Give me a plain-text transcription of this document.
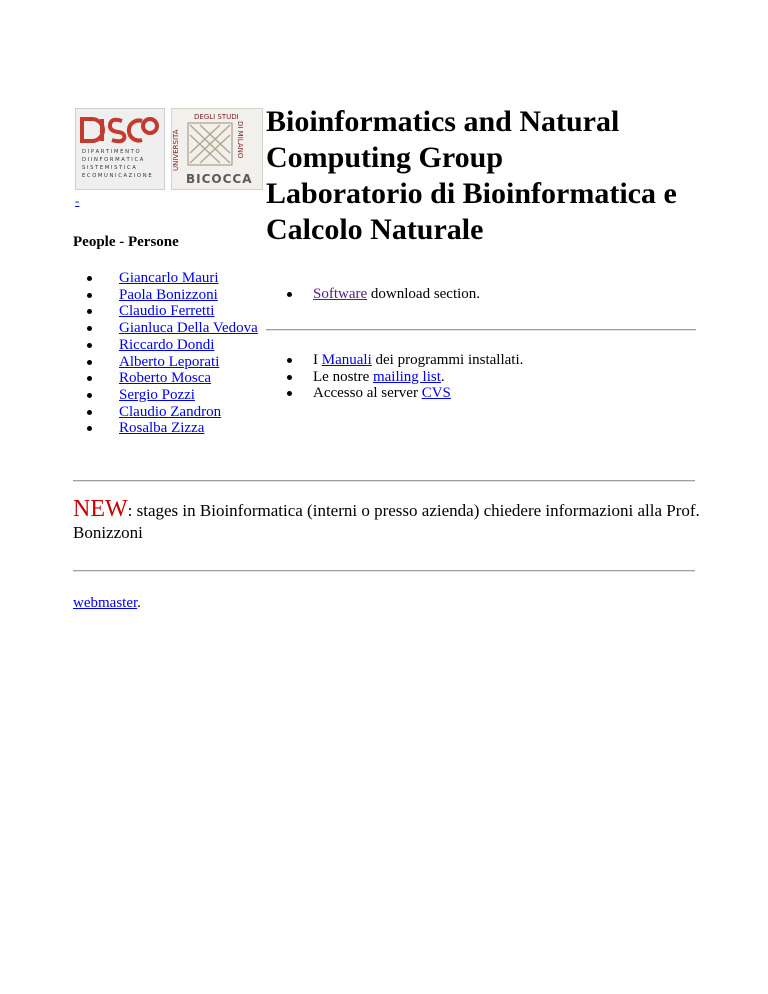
D I P A R T I M E N T O
D I I N F O R M A T I C A
S I S T E M I S T I C A
E C O M U N I C A Z I O N E
UNIVERSITÀ
DEGLI STUDI
DI MILANO
BICOCCA
-
Bioinformatics and Natural
Computing Group
Laboratorio di Bioinformatica e
Calcolo Naturale
People - Persone
Giancarlo Mauri
Paola Bonizzoni
Claudio Ferretti
Gianluca Della Vedova
Riccardo Dondi
Alberto Leporati
Roberto Mosca
Sergio Pozzi
Claudio Zandron
Rosalba Zizza
Software download section.
I Manuali dei programmi installati.
Le nostre mailing list.
Accesso al server CVS
NEW: stages in Bioinformatica (interni o presso azienda) chiedere informazioni alla Prof. Bonizzoni
webmaster.
